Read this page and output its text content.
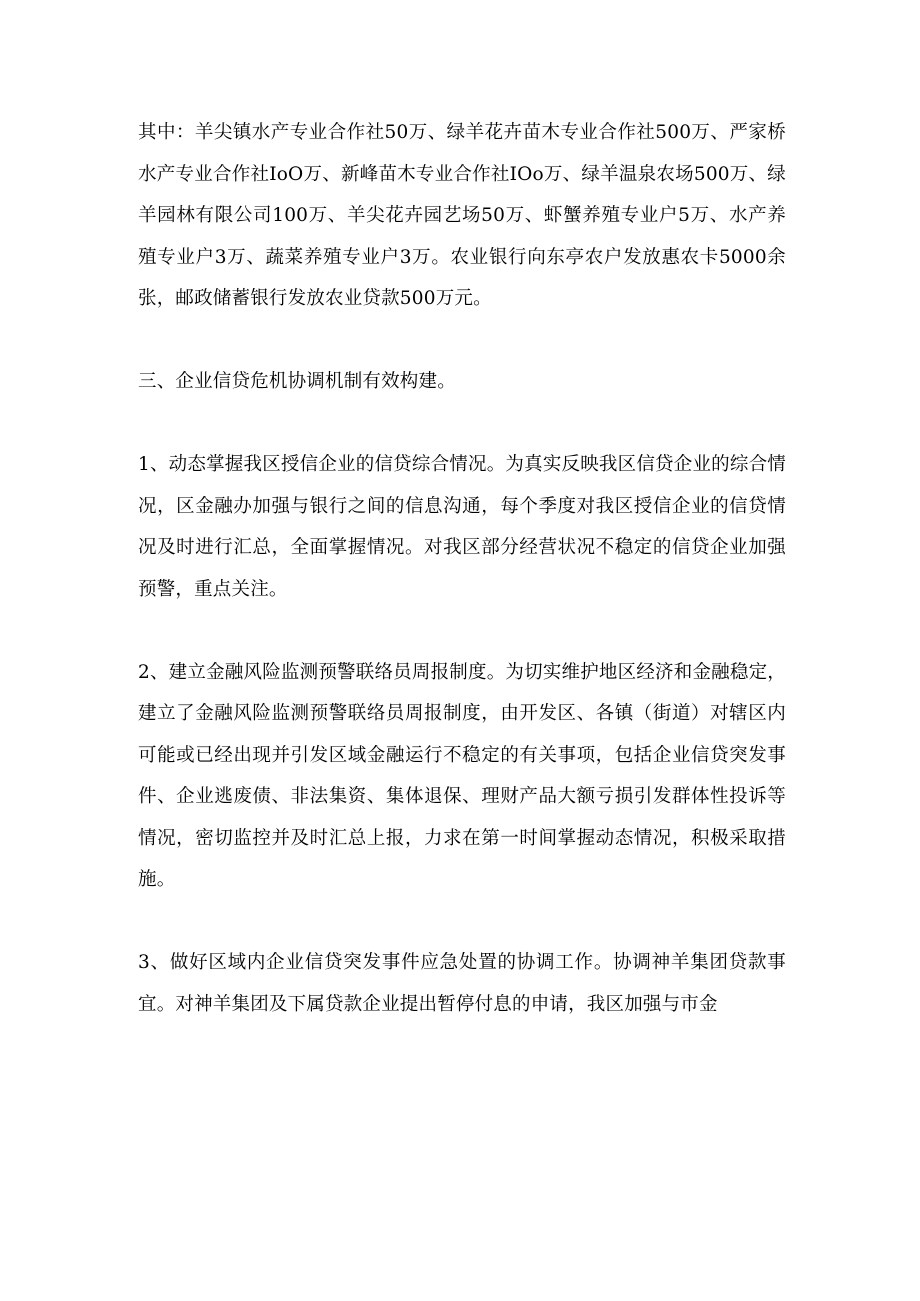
其中：羊尖镇水产专业合作社50万、绿羊花卉苗木专业合作社500万、严家桥水产专业合作社IoO万、新峰苗木专业合作社IOo万、绿羊温泉农场500万、绿羊园林有限公司100万、羊尖花卉园艺场50万、虾蟹养殖专业户5万、水产养殖专业户3万、蔬菜养殖专业户3万。农业银行向东亭农户发放惠农卡5000余张，邮政储蓄银行发放农业贷款500万元。

三、企业信贷危机协调机制有效构建。

1、动态掌握我区授信企业的信贷综合情况。为真实反映我区信贷企业的综合情况，区金融办加强与银行之间的信息沟通，每个季度对我区授信企业的信贷情况及时进行汇总，全面掌握情况。对我区部分经营状况不稳定的信贷企业加强预警，重点关注。

2、建立金融风险监测预警联络员周报制度。为切实维护地区经济和金融稳定，建立了金融风险监测预警联络员周报制度，由开发区、各镇（街道）对辖区内可能或已经出现并引发区域金融运行不稳定的有关事项，包括企业信贷突发事件、企业逃废债、非法集资、集体退保、理财产品大额亏损引发群体性投诉等情况，密切监控并及时汇总上报，力求在第一时间掌握动态情况，积极采取措施。

3、做好区域内企业信贷突发事件应急处置的协调工作。协调神羊集团贷款事宜。对神羊集团及下属贷款企业提出暂停付息的申请，我区加强与市金
